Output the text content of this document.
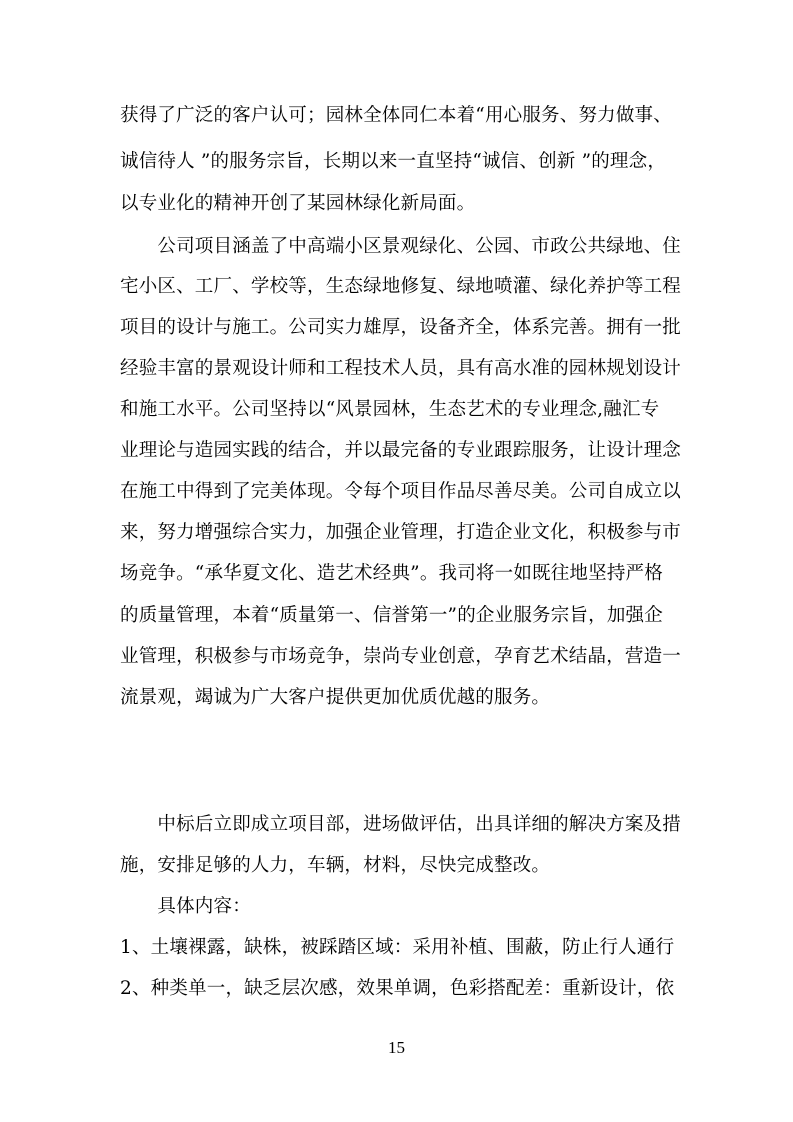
获得了广泛的客户认可；园林全体同仁本着“用心服务、努力做事、
诚信待人 ”的服务宗旨，长期以来一直坚持“诚信、创新 ”的理念，
以专业化的精神开创了某园林绿化新局面。
　　公司项目涵盖了中高端小区景观绿化、公园、市政公共绿地、住
宅小区、工厂、学校等，生态绿地修复、绿地喷灌、绿化养护等工程
项目的设计与施工。公司实力雄厚，设备齐全，体系完善。拥有一批
经验丰富的景观设计师和工程技术人员，具有高水准的园林规划设计
和施工水平。公司坚持以“风景园林，生态艺术的专业理念,融汇专
业理论与造园实践的结合，并以最完备的专业跟踪服务，让设计理念
在施工中得到了完美体现。令每个项目作品尽善尽美。公司自成立以
来，努力增强综合实力，加强企业管理，打造企业文化，积极参与市
场竞争。“承华夏文化、造艺术经典”。我司将一如既往地坚持严格
的质量管理，本着“质量第一、信誉第一”的企业服务宗旨，加强企
业管理，积极参与市场竞争，崇尚专业创意，孕育艺术结晶，营造一
流景观，竭诚为广大客户提供更加优质优越的服务。
　　中标后立即成立项目部，进场做评估，出具详细的解决方案及措
施，安排足够的人力，车辆，材料，尽快完成整改。
　　具体内容：
1、土壤裸露，缺株，被踩踏区域：采用补植、围蔽，防止行人通行
2、种类单一，缺乏层次感，效果单调，色彩搭配差：重新设计，依
15
